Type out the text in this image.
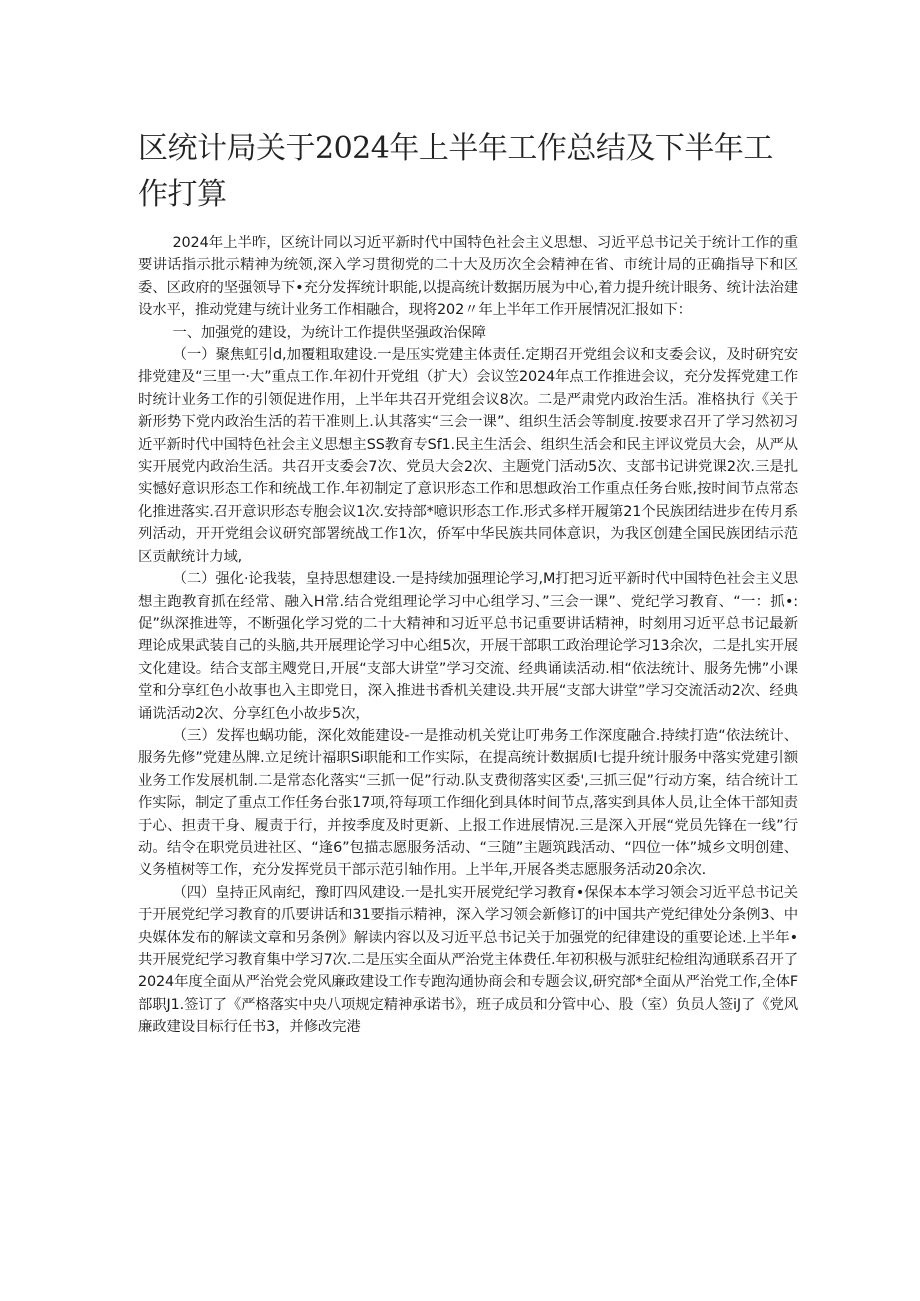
区统计局关于2024年上半年工作总结及下半年工作打算

2024年上半昨，区统计同以习近平新时代中国特色社会主义思想、习近平总书记关于统计工作的重要讲话指示批示精神为统领,深入学习贯彻党的二十大及历次全会精神在省、市统计局的正确指导下和区委、区政府的坚强领导下•充分发挥统计职能,以提高统计数据历展为中心,着力提升统计眼务、统计法治建设水平，推动党建与统计业务工作相融合，现将202〃年上半年工作开展情况汇报如下：

一、加强党的建设，为统计工作提供坚强政治保障

（一）聚焦虹引d,加覆粗取建设.一是压实党建主体责任.定期召开党组会议和支委会议，及时研究安排党建及“三里一·大”重点工作.年初什开党组（扩大）会议笠2024年点工作推进会议，充分发挥党建工作时统计业务工作的引领促进作用，上半年共召开党组会议8次。二是严肃党内政治生活。准格执行《关于新形势下党内政治生活的若干准则上.认其落实“三会一课”、组织生活会等制度.按要求召开了学习然初习近平新时代中国特色社会主义思想主SS教育专Sf1.民主生活会、组织生活会和民主评议党员大会，从严从实开展党内政治生活。共召开支委会7次、党员大会2次、主题党门活动5次、支部书记讲党课2次.三是扎实憾好意识形态工作和统战工作.年初制定了意识形态工作和思想政治工作重点任务台账,按时间节点常态化推进落实.召开意识形态专胞会议1次.安持部*噫识形态工作.形式多样开履第21个民族团结进步在传月系列活动，开开党组会议研究部署统战工作1次，侨军中华民族共同体意识，为我区创建全国民族团结示范区贡献统计力域,

（二）强化·论我装，皇持思想建设.一是持续加强理论学习,M打把习近平新时代中国特色社会主义思想主跑教育抓在经常、融入H常.结合党组理论学习中心组学习、”三会一课”、党纪学习教育、“一：抓•:促”纵深推进等，不断强化学习党的二十大精神和习近平总书记重要讲话精神，时刻用习近平总书记最新理论成果武装自己的头脑,共开展理论学习中心组5次，开展干部职工政治理论学习13余次，二是扎实开展文化建设。结合支部主飕党日,开展“支部大讲堂”学习交流、经典诵读活动.相“依法统计、服务先怫”小课堂和分享红色小故事也入主即党日，深入推进书香机关建设.共开展“支部大讲堂”学习交流活动2次、经典诵诜活动2次、分享红色小故步5次，

（三）发挥也蜗功能，深化效能建设-一是推动机关党让叮弗务工作深度融合.持续打造“依法统计、服务先修”党建丛牌.立足统计福职Si职能和工作实际，在提高统计数据质I七提升统计服务中落实党建引额业务工作发展机制.二是常态化落实“三抓一促”行动.队支费彻落实区委',三抓三促”行动方案，结合统计工作实际，制定了重点工作任务台张17项,符每项工作细化到具体时间节点,落实到具体人员,让全体干部知责于心、担责干身、履责于行，并按季度及时更新、上报工作进展情况.三是深入开展“党员先锋在一线”行动。结令在职党员进社区、“逢6”包描志愿服务活动、“三随”主题筑践活动、“四位一体”城乡文明创建、义务植树等工作，充分发挥党员干部示范引轴作用。上半年,开展各类志愿服务活动20余次.

（四）皇持正风南纪，豫盯四风建设.一是扎实开展党纪学习教育•保保本本学习领会习近平总书记关于开展党纪学习教育的爪要讲话和31要指示精神，深入学习领会新修订的i中国共产党纪律处分条例3、中央媒体发布的解读文章和另条例》解读内容以及习近平总书记关于加强党的纪律建设的重要论述.上半年•共开展党纪学习教育集中学习7次.二是压实全面从严治党主体费任.年初积极与派驻纪检组沟通联系召开了2024年度全面从严治党会党风廉政建设工作专跑沟通协商会和专题会议,研究部*全面从严治党工作,全体F部职J1.签订了《严格落实中央八项规定精神承诺书》，班子成员和分管中心、股（室）负员人签iJ了《党风廉政建设目标行任书3，并修改完港
